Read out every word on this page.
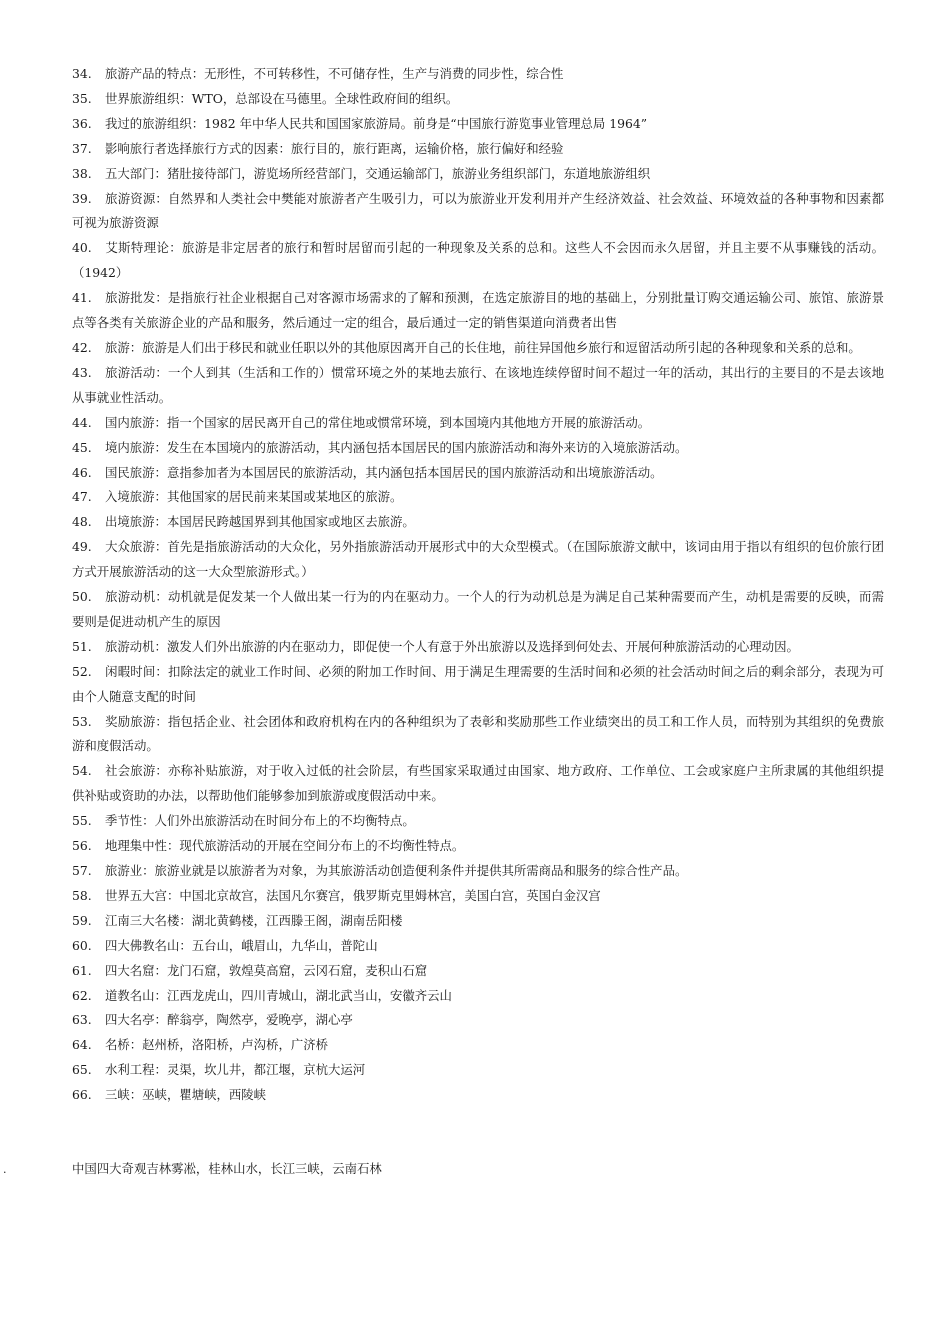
34. 旅游产品的特点：无形性，不可转移性，不可储存性，生产与消费的同步性，综合性
35. 世界旅游组织：WTO，总部设在马德里。全球性政府间的组织。
36. 我过的旅游组织：1982 年中华人民共和国国家旅游局。前身是“中国旅行游览事业管理总局 1964”
37. 影响旅行者选择旅行方式的因素：旅行目的，旅行距离，运输价格，旅行偏好和经验
38. 五大部门：猪肚接待部门，游览场所经营部门，交通运输部门，旅游业务组织部门，东道地旅游组织
39. 旅游资源：自然界和人类社会中樊能对旅游者产生吸引力，可以为旅游业开发利用并产生经济效益、社会效益、环境效益的各种事物和因素都可视为旅游资源
40. 艾斯特理论：旅游是非定居者的旅行和暂时居留而引起的一种现象及关系的总和。这些人不会因而永久居留，并且主要不从事赚钱的活动。（1942）
41. 旅游批发：是指旅行社企业根据自己对客源市场需求的了解和预测，在选定旅游目的地的基础上，分别批量订购交通运输公司、旅馆、旅游景点等各类有关旅游企业的产品和服务，然后通过一定的组合，最后通过一定的销售渠道向消费者出售
42. 旅游：旅游是人们出于移民和就业任职以外的其他原因离开自己的长住地，前往异国他乡旅行和逗留活动所引起的各种现象和关系的总和。
43. 旅游活动：一个人到其（生活和工作的）惯常环境之外的某地去旅行、在该地连续停留时间不超过一年的活动，其出行的主要目的不是去该地从事就业性活动。
44. 国内旅游：指一个国家的居民离开自己的常住地或惯常环境，到本国境内其他地方开展的旅游活动。
45. 境内旅游：发生在本国境内的旅游活动，其内涵包括本国居民的国内旅游活动和海外来访的入境旅游活动。
46. 国民旅游：意指参加者为本国居民的旅游活动，其内涵包括本国居民的国内旅游活动和出境旅游活动。
47. 入境旅游：其他国家的居民前来某国或某地区的旅游。
48. 出境旅游：本国居民跨越国界到其他国家或地区去旅游。
49. 大众旅游：首先是指旅游活动的大众化，另外指旅游活动开展形式中的大众型模式。（在国际旅游文献中，该词由用于指以有组织的包价旅行团方式开展旅游活动的这一大众型旅游形式。）
50. 旅游动机：动机就是促发某一个人做出某一行为的内在驱动力。一个人的行为动机总是为满足自己某种需要而产生，动机是需要的反映，而需要则是促进动机产生的原因
51. 旅游动机：激发人们外出旅游的内在驱动力，即促使一个人有意于外出旅游以及选择到何处去、开展何种旅游活动的心理动因。
52. 闲暇时间：扣除法定的就业工作时间、必须的附加工作时间、用于满足生理需要的生活时间和必须的社会活动时间之后的剩余部分，表现为可由个人随意支配的时间
53. 奖励旅游：指包括企业、社会团体和政府机构在内的各种组织为了表彰和奖励那些工作业绩突出的员工和工作人员，而特别为其组织的免费旅游和度假活动。
54. 社会旅游：亦称补贴旅游，对于收入过低的社会阶层，有些国家采取通过由国家、地方政府、工作单位、工会或家庭户主所隶属的其他组织提供补贴或资助的办法，以帮助他们能够参加到旅游或度假活动中来。
55. 季节性：人们外出旅游活动在时间分布上的不均衡特点。
56. 地理集中性：现代旅游活动的开展在空间分布上的不均衡性特点。
57. 旅游业：旅游业就是以旅游者为对象，为其旅游活动创造便利条件并提供其所需商品和服务的综合性产品。
58. 世界五大宫：中国北京故宫，法国凡尔赛宫，俄罗斯克里姆林宫，美国白宫，英国白金汉宫
59. 江南三大名楼：湖北黄鹤楼，江西滕王阁，湖南岳阳楼
60. 四大佛教名山：五台山，峨眉山，九华山，普陀山
61. 四大名窟：龙门石窟，敦煌莫高窟，云冈石窟，麦积山石窟
62. 道教名山：江西龙虎山，四川青城山，湖北武当山，安徽齐云山
63. 四大名亭：醉翁亭，陶然亭，爱晚亭，湖心亭
64. 名桥：赵州桥，洛阳桥，卢沟桥，广济桥
65. 水利工程：灵渠，坎儿井，都江堰，京杭大运河
66. 三峡：巫峡，瞿塘峡，西陵峡
.	中国四大奇观吉林雾凇，桂林山水，长江三峡，云南石林
